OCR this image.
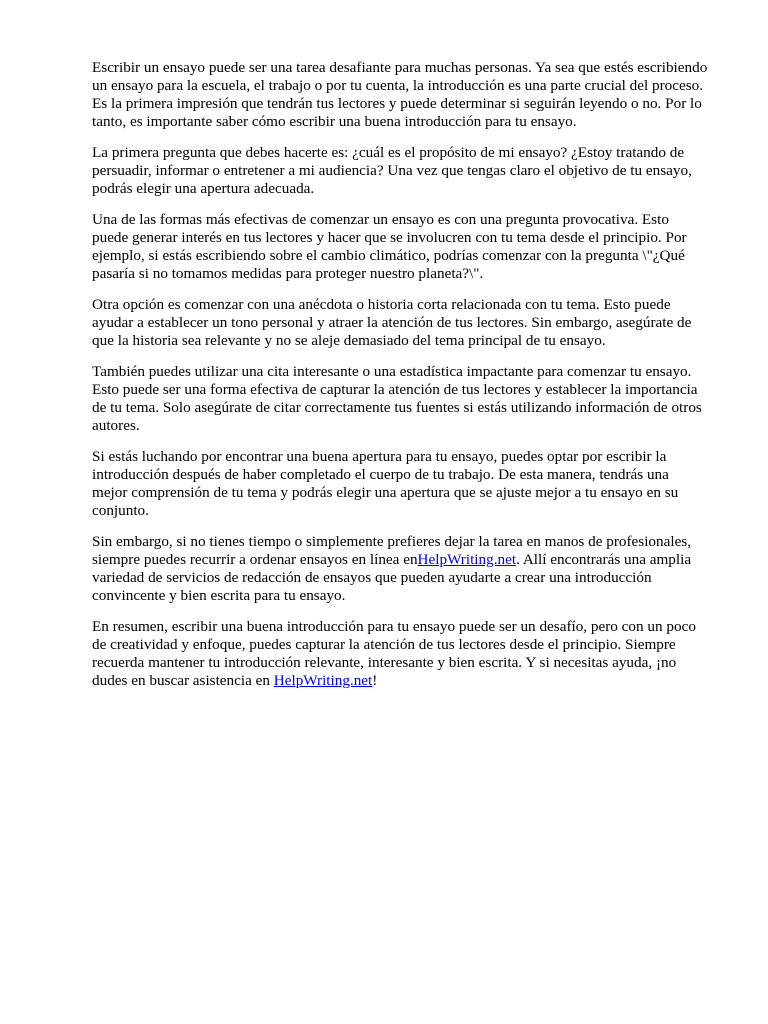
Escribir un ensayo puede ser una tarea desafiante para muchas personas. Ya sea que estés escribiendo
un ensayo para la escuela, el trabajo o por tu cuenta, la introducción es una parte crucial del proceso.
Es la primera impresión que tendrán tus lectores y puede determinar si seguirán leyendo o no. Por lo
tanto, es importante saber cómo escribir una buena introducción para tu ensayo.

La primera pregunta que debes hacerte es: ¿cuál es el propósito de mi ensayo? ¿Estoy tratando de
persuadir, informar o entretener a mi audiencia? Una vez que tengas claro el objetivo de tu ensayo,
podrás elegir una apertura adecuada.

Una de las formas más efectivas de comenzar un ensayo es con una pregunta provocativa. Esto
puede generar interés en tus lectores y hacer que se involucren con tu tema desde el principio. Por
ejemplo, si estás escribiendo sobre el cambio climático, podrías comenzar con la pregunta \"¿Qué
pasaría si no tomamos medidas para proteger nuestro planeta?\".

Otra opción es comenzar con una anécdota o historia corta relacionada con tu tema. Esto puede
ayudar a establecer un tono personal y atraer la atención de tus lectores. Sin embargo, asegúrate de
que la historia sea relevante y no se aleje demasiado del tema principal de tu ensayo.

También puedes utilizar una cita interesante o una estadística impactante para comenzar tu ensayo.
Esto puede ser una forma efectiva de capturar la atención de tus lectores y establecer la importancia
de tu tema. Solo asegúrate de citar correctamente tus fuentes si estás utilizando información de otros
autores.

Si estás luchando por encontrar una buena apertura para tu ensayo, puedes optar por escribir la
introducción después de haber completado el cuerpo de tu trabajo. De esta manera, tendrás una
mejor comprensión de tu tema y podrás elegir una apertura que se ajuste mejor a tu ensayo en su
conjunto.

Sin embargo, si no tienes tiempo o simplemente prefieres dejar la tarea en manos de profesionales,
siempre puedes recurrir a ordenar ensayos en línea enHelpWriting.net. Allí encontrarás una amplia
variedad de servicios de redacción de ensayos que pueden ayudarte a crear una introducción
convincente y bien escrita para tu ensayo.

En resumen, escribir una buena introducción para tu ensayo puede ser un desafío, pero con un poco
de creatividad y enfoque, puedes capturar la atención de tus lectores desde el principio. Siempre
recuerda mantener tu introducción relevante, interesante y bien escrita. Y si necesitas ayuda, ¡no
dudes en buscar asistencia en HelpWriting.net!
